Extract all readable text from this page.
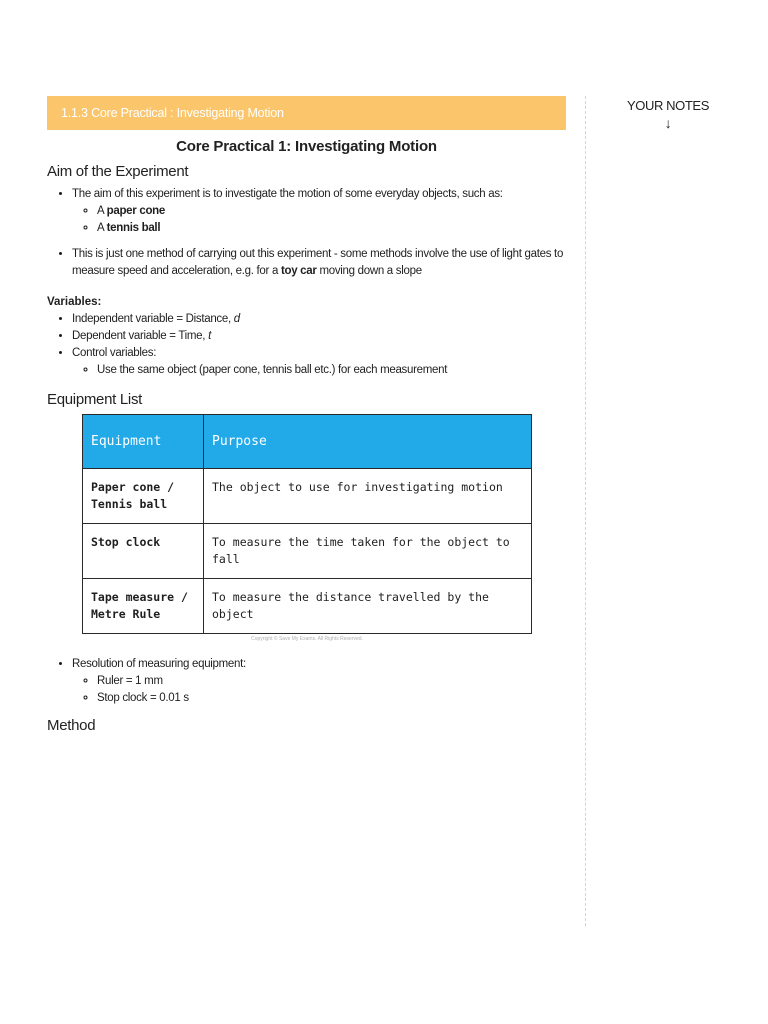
1.1.3 Core Practical : Investigating Motion
Core Practical 1: Investigating Motion
Aim of the Experiment
• The aim of this experiment is to investigate the motion of some everyday objects, such as:
◦ A paper cone
◦ A tennis ball
• This is just one method of carrying out this experiment - some methods involve the use of light gates to measure speed and acceleration, e.g. for a toy car moving down a slope
Variables:
• Independent variable = Distance, d
• Dependent variable = Time, t
• Control variables:
◦ Use the same object (paper cone, tennis ball etc.) for each measurement
Equipment List
Equipment	Purpose
Paper cone /
Tennis ball	The object to use for investigating motion
Stop clock	To measure the time taken for the object to fall
Tape measure /
Metre Rule	To measure the distance travelled by the object
Copyright © Save My Exams. All Rights Reserved.
• Resolution of measuring equipment:
◦ Ruler = 1 mm
◦ Stop clock = 0.01 s
Method
YOUR NOTES
↓
